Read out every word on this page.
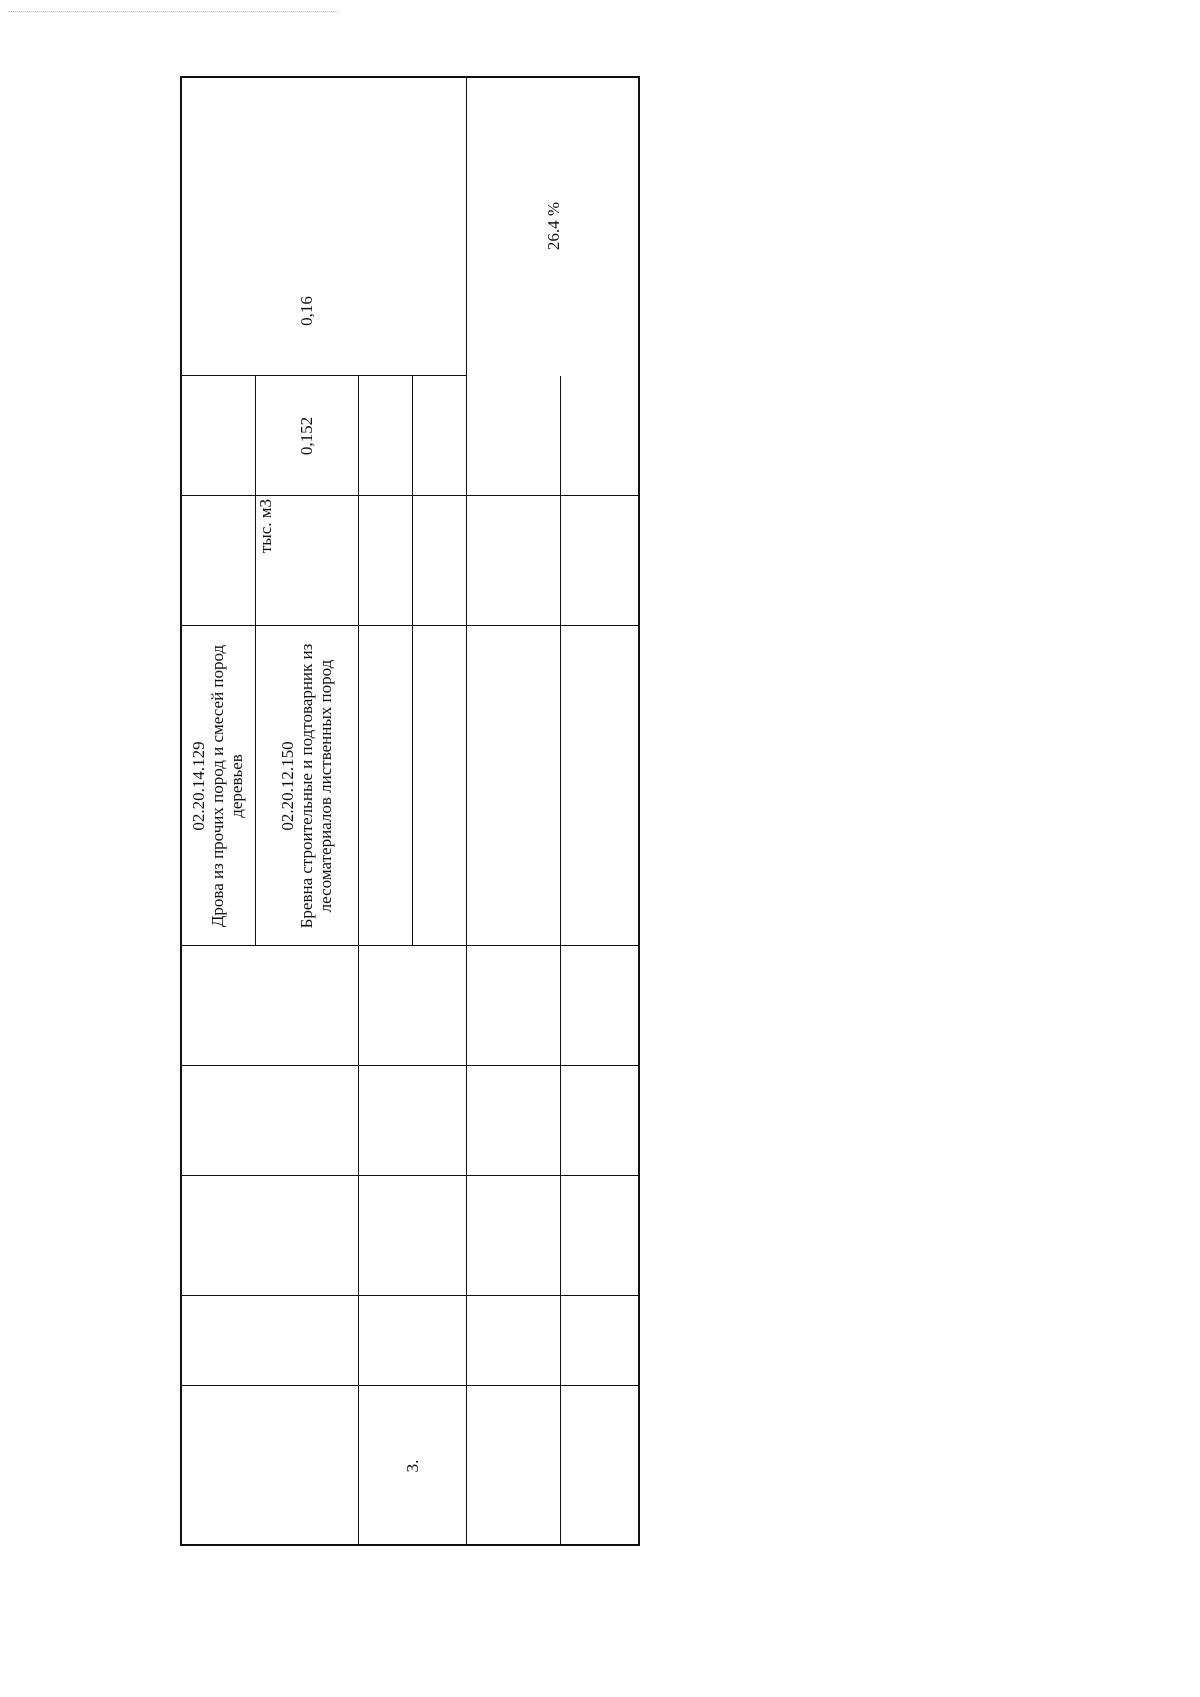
02.20.14.129 Дрова из прочих пород и смесей пород деревьев 02.20.12.150 Бревна строительные и подтоварник из лесоматериалов лиственных пород
тыс. м3
0,152
0,16
3.
26.4 %
